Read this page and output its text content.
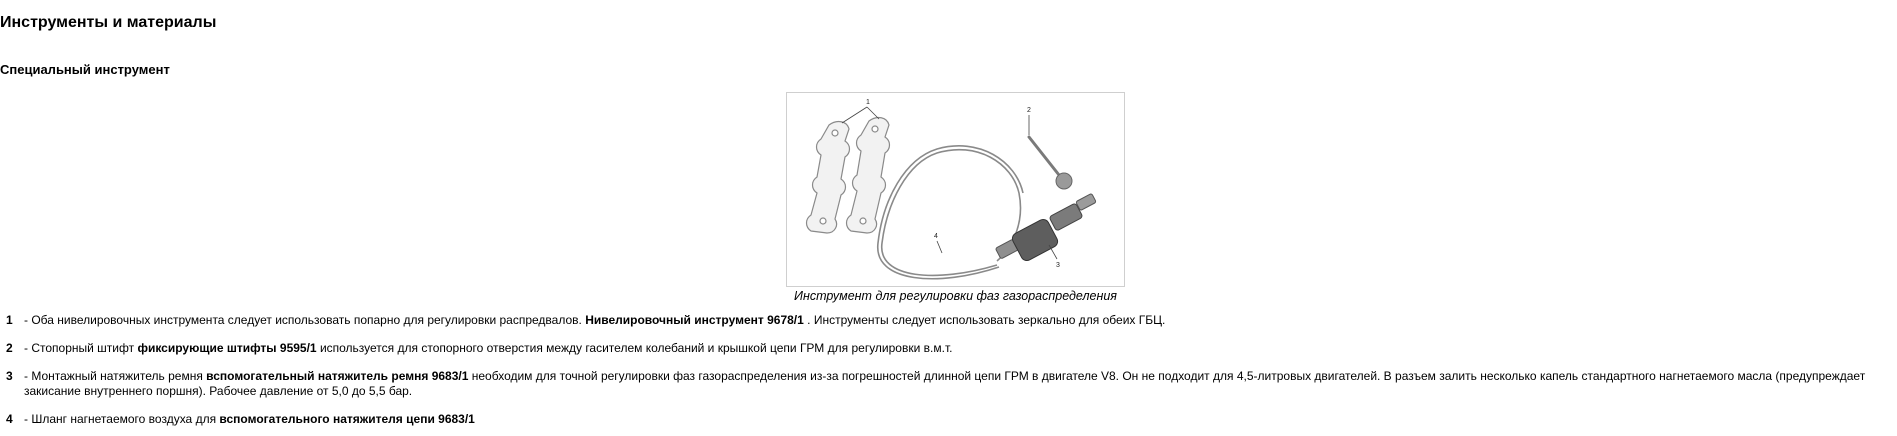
Инструменты и материалы
Специальный инструмент
1
2
4
3
Инструмент для регулировки фаз газораспределения
1 - Оба нивелировочных инструмента следует использовать попарно для регулировки распредвалов. Нивелировочный инструмент 9678/1 . Инструменты следует использовать зеркально для обеих ГБЦ.
2 - Стопорный штифт фиксирующие штифты 9595/1 используется для стопорного отверстия между гасителем колебаний и крышкой цепи ГРМ для регулировки в.м.т.
3 - Монтажный натяжитель ремня вспомогательный натяжитель ремня 9683/1 необходим для точной регулировки фаз газораспределения из-за погрешностей длинной цепи ГРМ в двигателе V8. Он не подходит для 4,5-литровых двигателей. В разъем залить несколько капель стандартного нагнетаемого масла (предупреждает закисание внутреннего поршня). Рабочее давление от 5,0 до 5,5 бар.
4 - Шланг нагнетаемого воздуха для вспомогательного натяжителя цепи 9683/1
